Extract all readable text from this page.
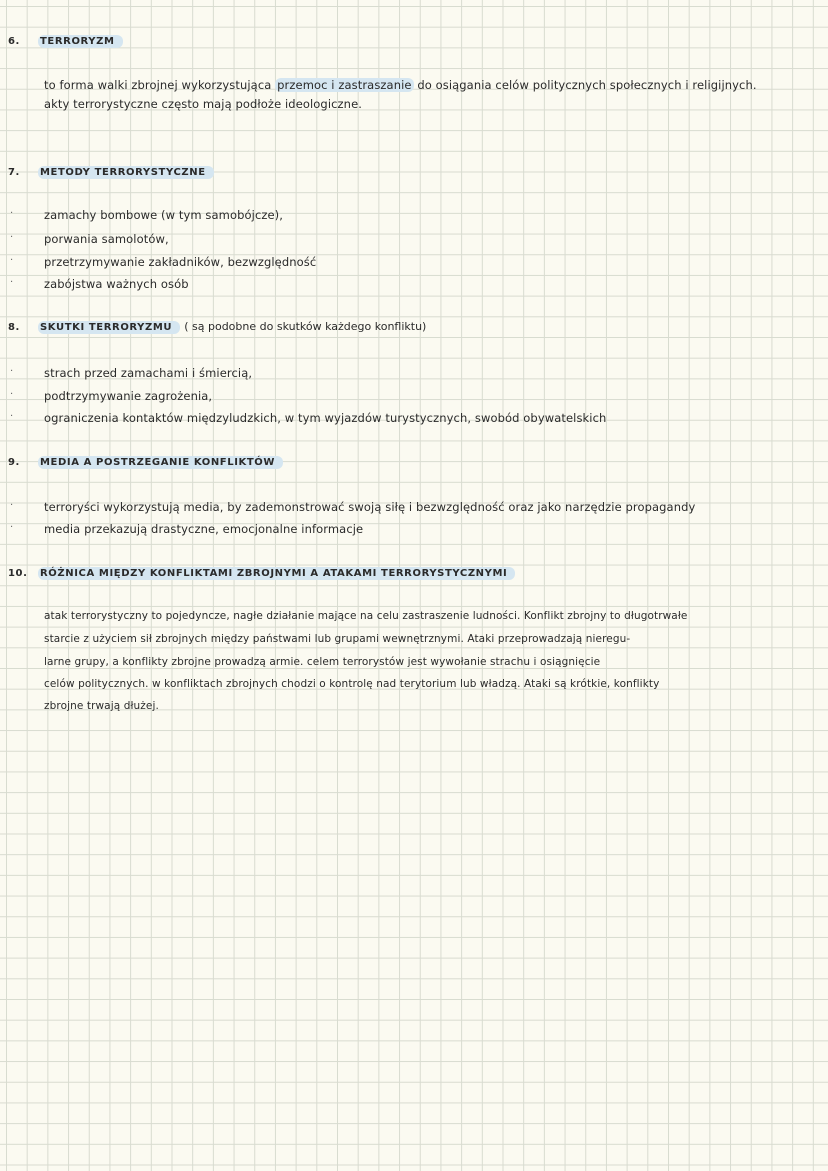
6. TERRORYZM
to forma walki zbrojnej wykorzystująca przemoc i zastraszanie do osiągania celów politycznych społecznych i religijnych.
akty terrorystyczne często mają podłoże ideologiczne.
7. METODY TERRORYSTYCZNE
·	zamachy bombowe (w tym samobójcze),
·	porwania samolotów,
·	przetrzymywanie zakładników, bezwzględność
·	zabójstwa ważnych osób
8. SKUTKI TERRORYZMU ( są podobne do skutków każdego konfliktu)
·	strach przed zamachami i śmiercią,
·	podtrzymywanie zagrożenia,
·	ograniczenia kontaktów międzyludzkich, w tym wyjazdów turystycznych, swobód obywatelskich
9. MEDIA A POSTRZEGANIE KONFLIKTÓW
·	terroryści wykorzystują media, by zademonstrować swoją siłę i bezwzględność oraz jako narzędzie propagandy
·	media przekazują drastyczne, emocjonalne informacje
10. RÓŻNICA MIĘDZY KONFLIKTAMI ZBROJNYMI A ATAKAMI TERRORYSTYCZNYMI
atak terrorystyczny to pojedyncze, nagłe działanie mające na celu zastraszenie ludności. Konflikt zbrojny to długotrwałe
starcie z użyciem sił zbrojnych między państwami lub grupami wewnętrznymi. Ataki przeprowadzają nieregu-
larne grupy, a konflikty zbrojne prowadzą armie. celem terrorystów jest wywołanie strachu i osiągnięcie
celów politycznych. w konfliktach zbrojnych chodzi o kontrolę nad terytorium lub władzą. Ataki są krótkie, konflikty
zbrojne trwają dłużej.
